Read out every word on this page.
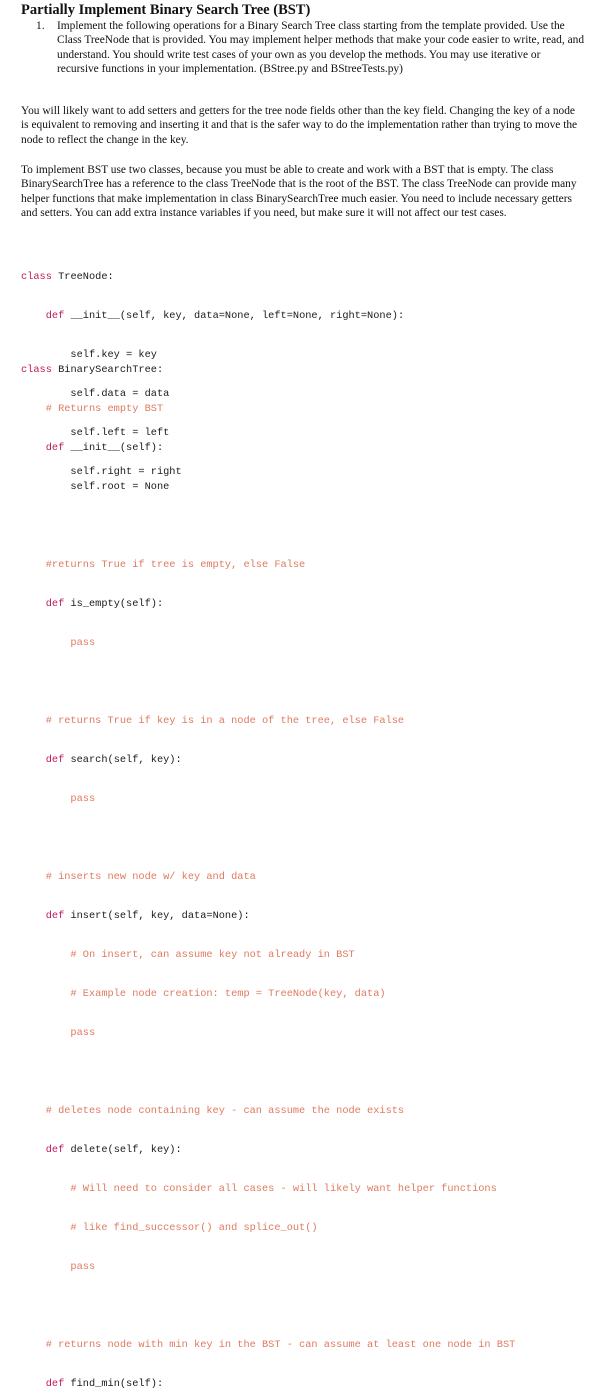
Partially Implement Binary Search Tree (BST)
1. Implement the following operations for a Binary Search Tree class starting from the template provided. Use the Class TreeNode that is provided. You may implement helper methods that make your code easier to write, read, and understand. You should write test cases of your own as you develop the methods. You may use iterative or recursive functions in your implementation. (BStree.py and BStreeTests.py)
You will likely want to add setters and getters for the tree node fields other than the key field. Changing the key of a node is equivalent to removing and inserting it and that is the safer way to do the implementation rather than trying to move the node to reflect the change in the key.
To implement BST use two classes, because you must be able to create and work with a BST that is empty. The class BinarySearchTree has a reference to the class TreeNode that is the root of the BST. The class TreeNode can provide many helper functions that make implementation in class BinarySearchTree much easier. You need to include necessary getters and setters. You can add extra instance variables if you need, but make sure it will not affect our test cases.

class TreeNode:

def __init__(self, key, data=None, left=None, right=None):

self.key = key

self.data = data

self.left = left

self.right = right

class BinarySearchTree:

# Returns empty BST

def __init__(self):

self.root = None

#returns True if tree is empty, else False

def is_empty(self):

pass

# returns True if key is in a node of the tree, else False

def search(self, key):

pass

# inserts new node w/ key and data

def insert(self, key, data=None):

# On insert, can assume key not already in BST

# Example node creation: temp = TreeNode(key, data)

pass

# deletes node containing key - can assume the node exists

def delete(self, key):

# Will need to consider all cases - will likely want helper functions

# like find_successor() and splice_out()

pass

# returns node with min key in the BST - can assume at least one node in BST

def find_min(self):
